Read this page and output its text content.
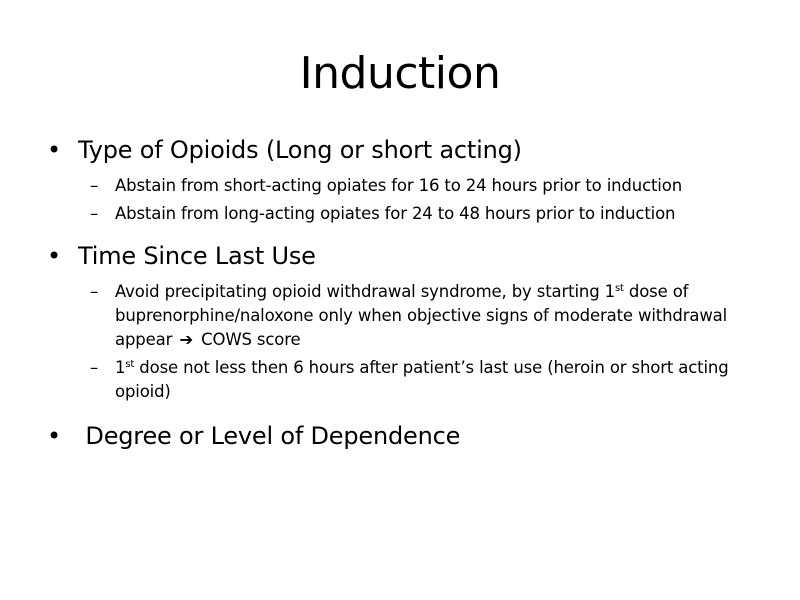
Induction
• Type of Opioids (Long or short acting)
– Abstain from short-acting opiates for 16 to 24 hours prior to induction
– Abstain from long-acting opiates for 24 to 48 hours prior to induction
• Time Since Last Use
– Avoid precipitating opioid withdrawal syndrome, by starting 1st dose of buprenorphine/naloxone only when objective signs of moderate withdrawal appear ➔ COWS score
– 1st dose not less then 6 hours after patient’s last use (heroin or short acting opioid)
• Degree or Level of Dependence
